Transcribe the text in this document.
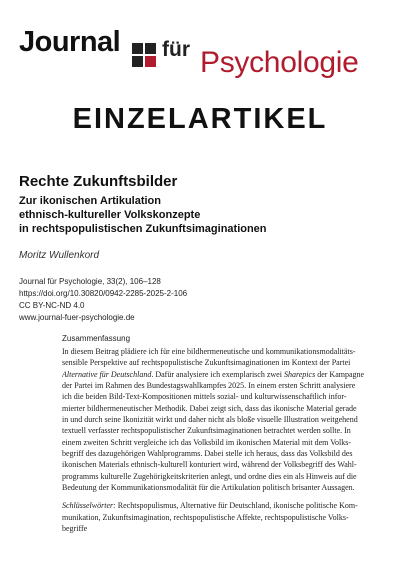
Journal für Psychologie
EINZELARTIKEL
Rechte Zukunftsbilder
Zur ikonischen Artikulation
ethnisch-kultureller Volkskonzepte
in rechtspopulistischen Zukunftsimaginationen
Moritz Wullenkord
Journal für Psychologie, 33(2), 106–128
https://doi.org/10.30820/0942-2285-2025-2-106
CC BY-NC-ND 4.0
www.journal-fuer-psychologie.de
Zusammenfassung
In diesem Beitrag plädiere ich für eine bildhermeneutische und kommunikationsmodalitäts-
sensible Perspektive auf rechtspopulistische Zukunftsimaginationen im Kontext der Partei
Alternative für Deutschland. Dafür analysiere ich exemplarisch zwei Sharepics der Kampagne
der Partei im Rahmen des Bundestagswahlkampfes 2025. In einem ersten Schritt analysiere
ich die beiden Bild-Text-Kompositionen mittels sozial- und kulturwissenschaftlich infor-
mierter bildhermeneutischer Methodik. Dabei zeigt sich, dass das ikonische Material gerade
in und durch seine Ikonizität wirkt und daher nicht als bloße visuelle Illustration weitgehend
textuell verfasster rechtspopulistischer Zukunftsimaginationen betrachtet werden sollte. In
einem zweiten Schritt vergleiche ich das Volksbild im ikonischen Material mit dem Volks-
begriff des dazugehörigen Wahlprogramms. Dabei stelle ich heraus, dass das Volksbild des
ikonischen Materials ethnisch-kulturell konturiert wird, während der Volksbegriff des Wahl-
programms kulturelle Zugehörigkeitskriterien anlegt, und ordne dies ein als Hinweis auf die
Bedeutung der Kommunikationsmodalität für die Artikulation politisch brisanter Aussagen.
Schlüsselwörter: Rechtspopulismus, Alternative für Deutschland, ikonische politische Kom-
munikation, Zukunftsimagination, rechtspopulistische Affekte, rechtspopulistische Volks-
begriffe
